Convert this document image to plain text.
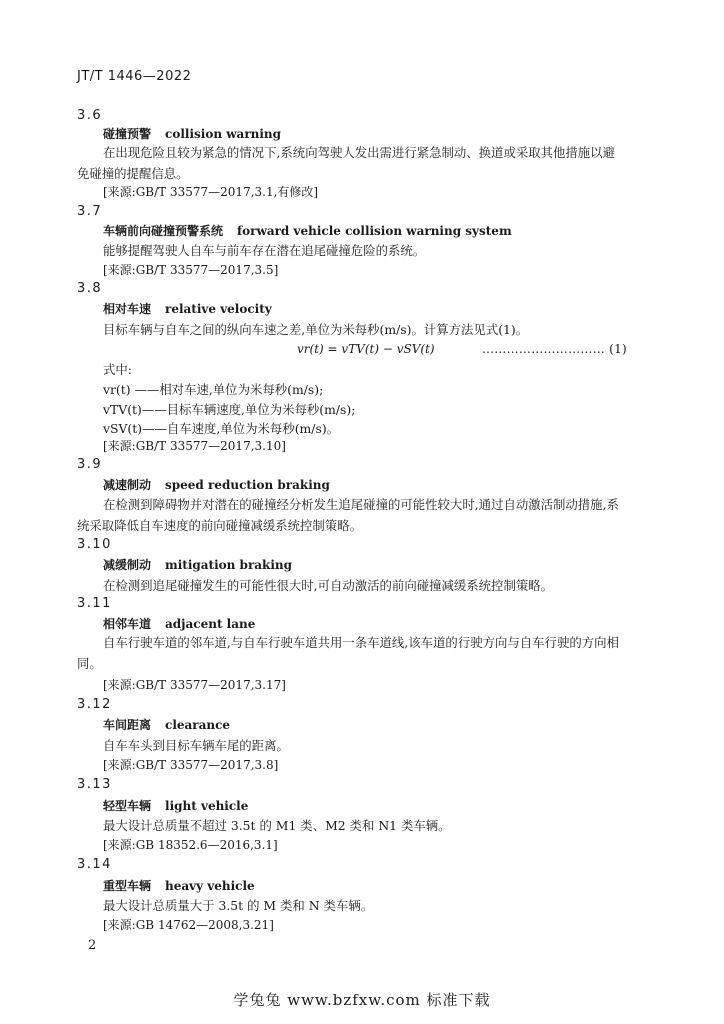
JT/T 1446—2022
3.6
碰撞预警 collision warning
在出现危险且较为紧急的情况下,系统向驾驶人发出需进行紧急制动、换道或采取其他措施以避免碰撞的提醒信息。
[来源:GB/T 33577—2017,3.1,有修改]
3.7
车辆前向碰撞预警系统 forward vehicle collision warning system
能够提醒驾驶人自车与前车存在潜在追尾碰撞危险的系统。
[来源:GB/T 33577—2017,3.5]
3.8
相对车速 relative velocity
目标车辆与自车之间的纵向车速之差,单位为米每秒(m/s)。计算方法见式(1)。
vr(t) = vTV(t) − vSV(t)	………………………… (1)
式中:
vr(t) ——相对车速,单位为米每秒(m/s);
vTV(t)——目标车辆速度,单位为米每秒(m/s);
vSV(t)——自车速度,单位为米每秒(m/s)。
[来源:GB/T 33577—2017,3.10]
3.9
减速制动 speed reduction braking
在检测到障碍物并对潜在的碰撞经分析发生追尾碰撞的可能性较大时,通过自动激活制动措施,系统采取降低自车速度的前向碰撞减缓系统控制策略。
3.10
减缓制动 mitigation braking
在检测到追尾碰撞发生的可能性很大时,可自动激活的前向碰撞减缓系统控制策略。
3.11
相邻车道 adjacent lane
自车行驶车道的邻车道,与自车行驶车道共用一条车道线,该车道的行驶方向与自车行驶的方向相同。
[来源:GB/T 33577—2017,3.17]
3.12
车间距离 clearance
自车车头到目标车辆车尾的距离。
[来源:GB/T 33577—2017,3.8]
3.13
轻型车辆 light vehicle
最大设计总质量不超过 3.5t 的 M1 类、M2 类和 N1 类车辆。
[来源:GB 18352.6—2016,3.1]
3.14
重型车辆 heavy vehicle
最大设计总质量大于 3.5t 的 M 类和 N 类车辆。
[来源:GB 14762—2008,3.21]
2
学兔兔 www.bzfxw.com 标准下载
